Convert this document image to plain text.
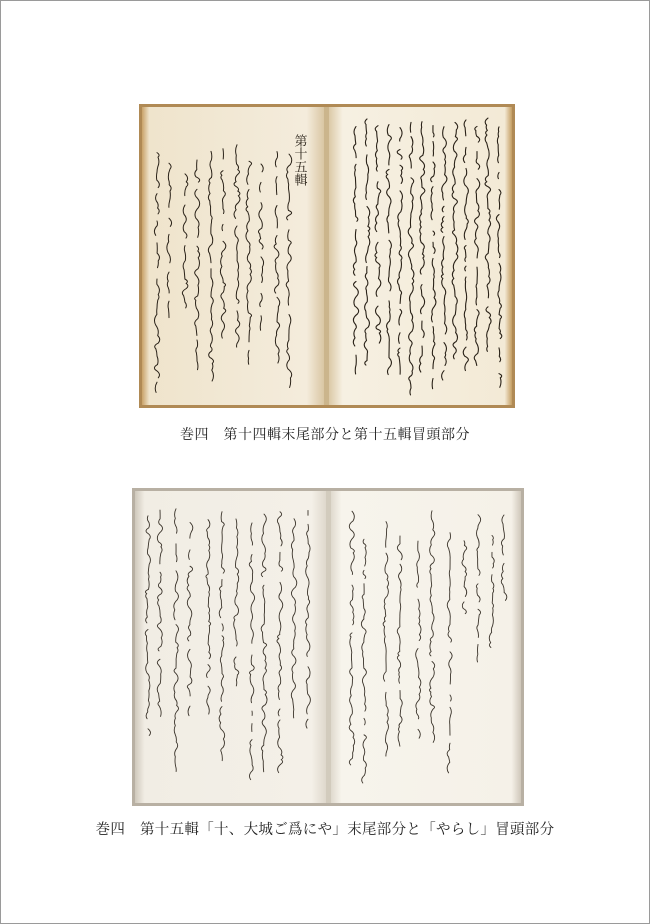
第十五輯
巻四　第十四輯末尾部分と第十五輯冒頭部分
巻四　第十五輯「十、大城ご爲にや」末尾部分と「やらし」冒頭部分
